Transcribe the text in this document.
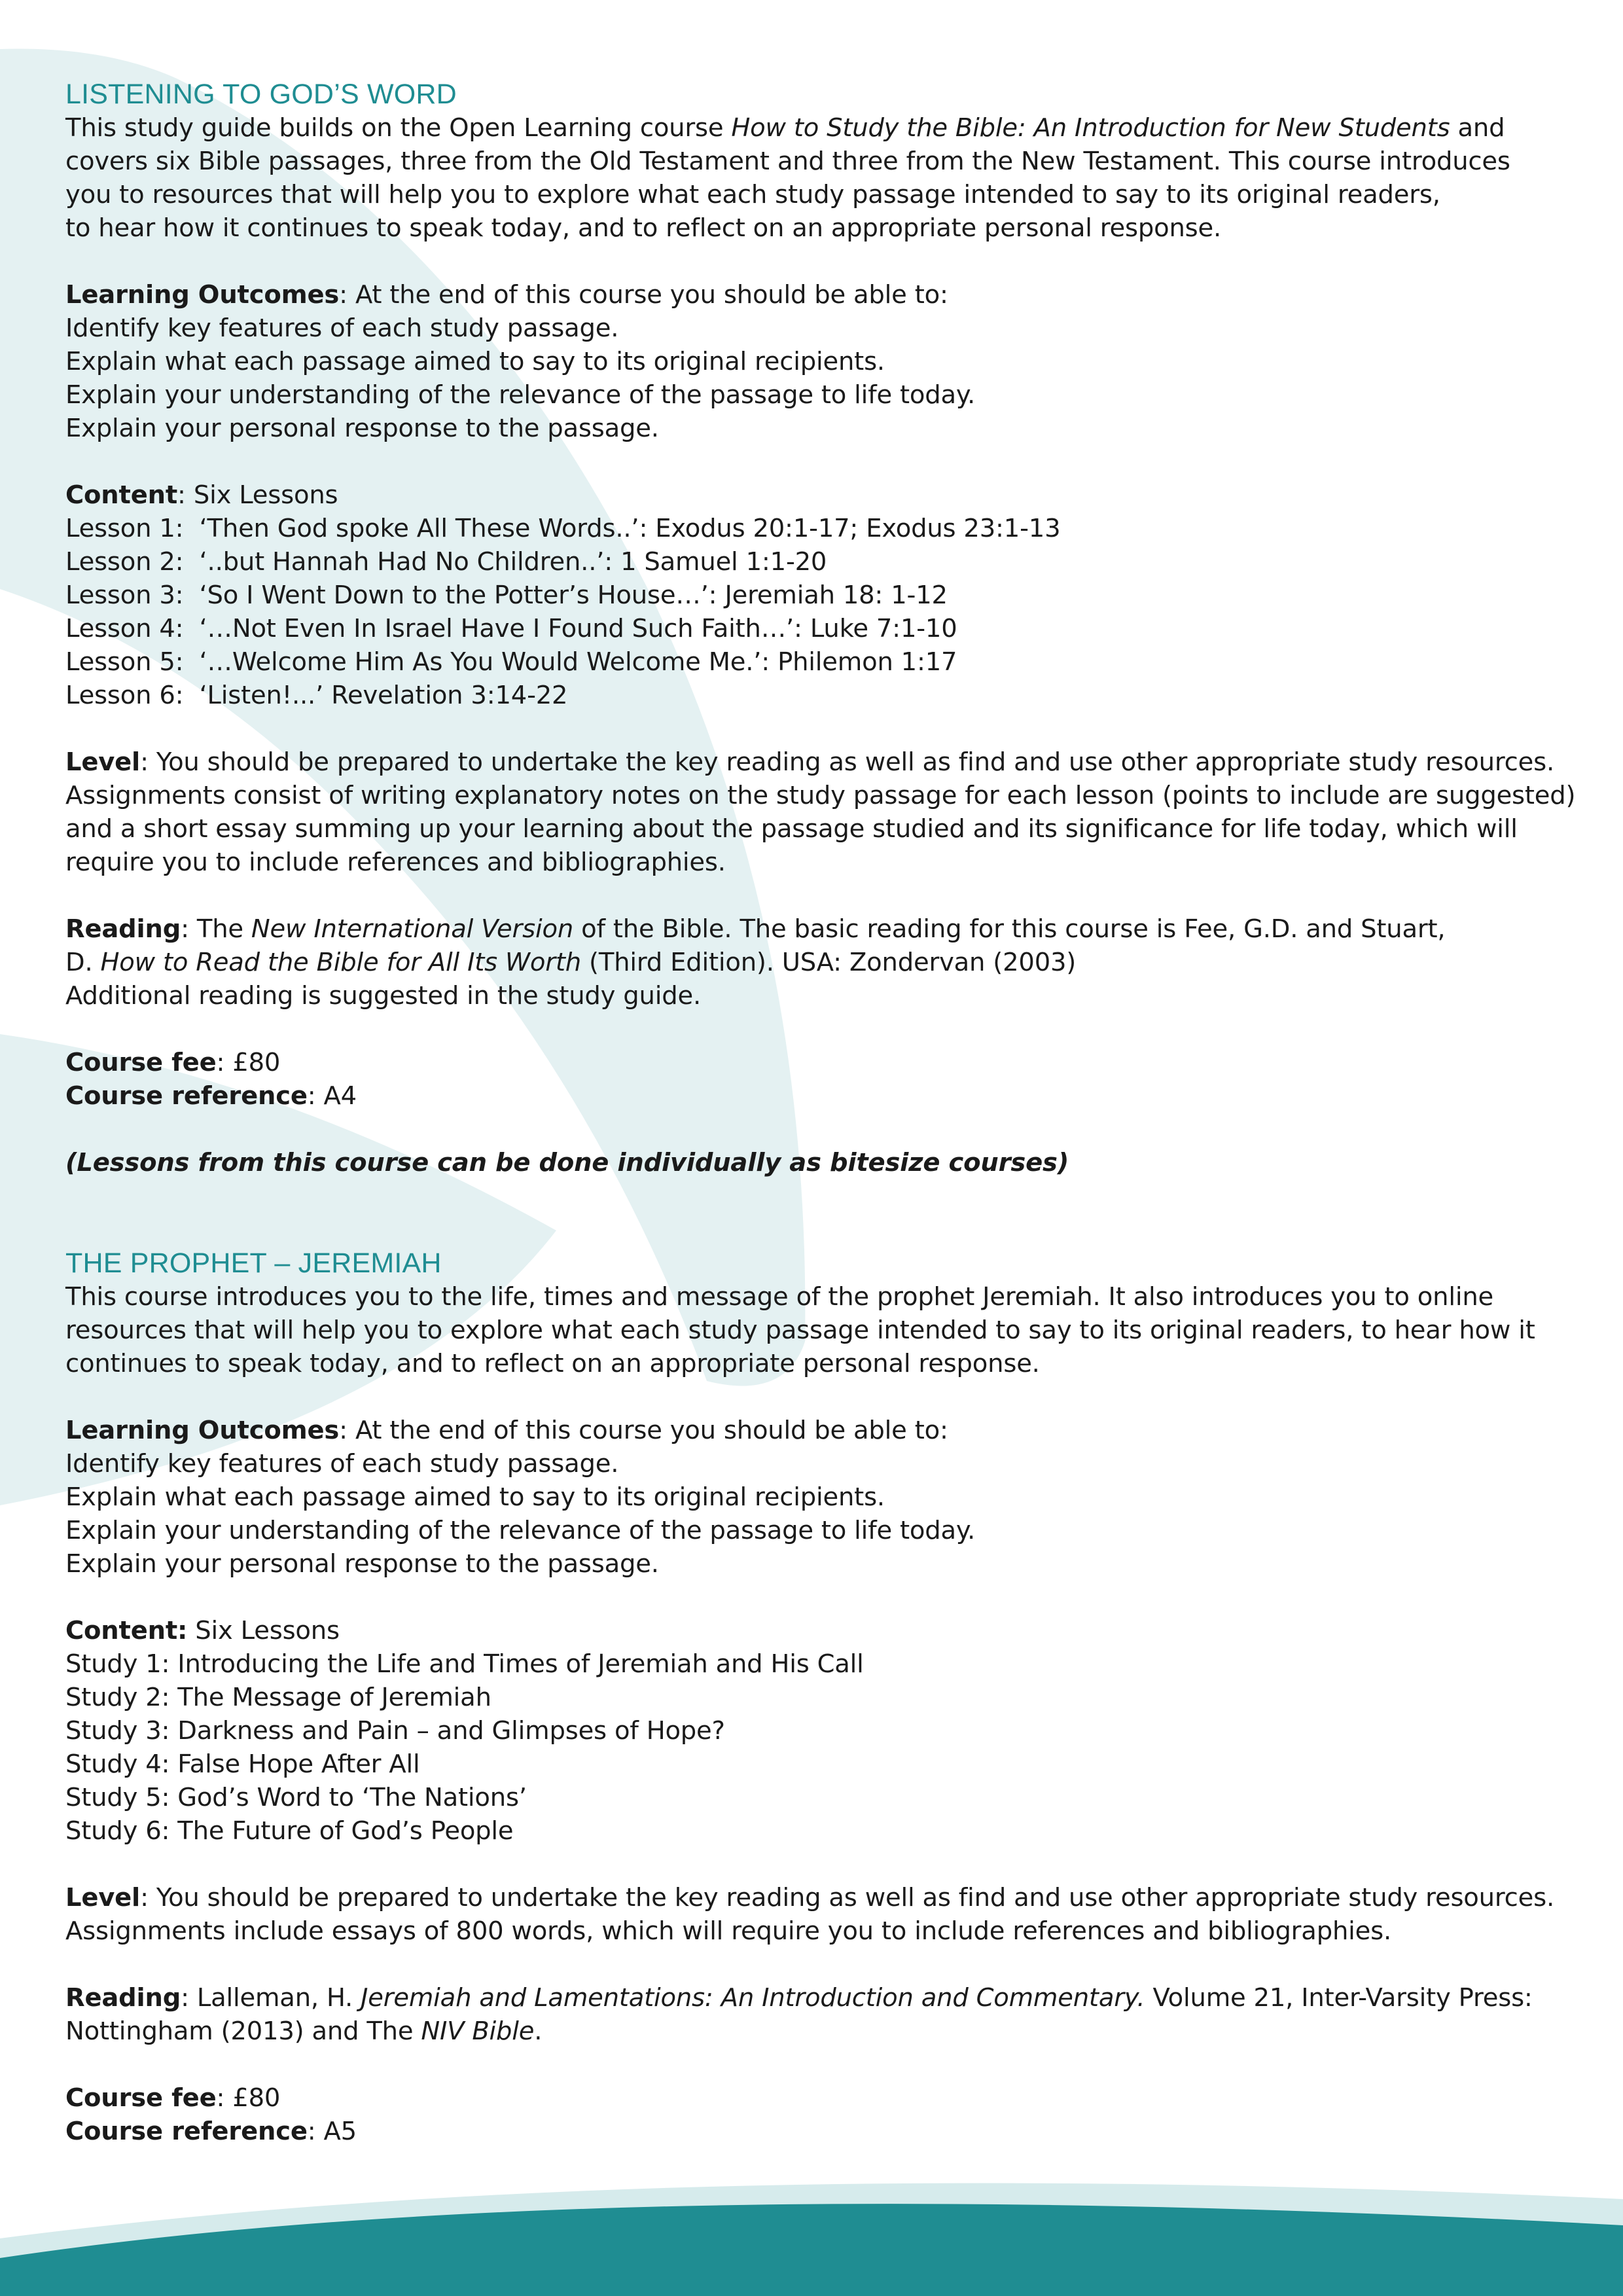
LISTENING TO GOD’S WORD

This study guide builds on the Open Learning course How to Study the Bible: An Introduction for New Students and

covers six Bible passages, three from the Old Testament and three from the New Testament. This course introduces

you to resources that will help you to explore what each study passage intended to say to its original readers,

to hear how it continues to speak today, and to reflect on an appropriate personal response.

Learning Outcomes: At the end of this course you should be able to:

Identify key features of each study passage.

Explain what each passage aimed to say to its original recipients.

Explain your understanding of the relevance of the passage to life today.

Explain your personal response to the passage.

Content: Six Lessons

Lesson 1:  ‘Then God spoke All These Words..’: Exodus 20:1-17; Exodus 23:1-13

Lesson 2:  ‘..but Hannah Had No Children..’: 1 Samuel 1:1-20

Lesson 3:  ‘So I Went Down to the Potter’s House…’: Jeremiah 18: 1-12

Lesson 4:  ‘…Not Even In Israel Have I Found Such Faith…’: Luke 7:1-10

Lesson 5:  ‘…Welcome Him As You Would Welcome Me.’: Philemon 1:17

Lesson 6:  ‘Listen!...’ Revelation 3:14-22

Level: You should be prepared to undertake the key reading as well as find and use other appropriate study resources.

Assignments consist of writing explanatory notes on the study passage for each lesson (points to include are suggested)

and a short essay summing up your learning about the passage studied and its significance for life today, which will

require you to include references and bibliographies.

Reading: The New International Version of the Bible. The basic reading for this course is Fee, G.D. and Stuart,

D. How to Read the Bible for All Its Worth (Third Edition). USA: Zondervan (2003)

Additional reading is suggested in the study guide.

Course fee: £80

Course reference: A4

(Lessons from this course can be done individually as bitesize courses)

THE PROPHET – JEREMIAH

This course introduces you to the life, times and message of the prophet Jeremiah. It also introduces you to online

resources that will help you to explore what each study passage intended to say to its original readers, to hear how it

continues to speak today, and to reflect on an appropriate personal response.

Learning Outcomes: At the end of this course you should be able to:

Identify key features of each study passage.

Explain what each passage aimed to say to its original recipients.

Explain your understanding of the relevance of the passage to life today.

Explain your personal response to the passage.

Content: Six Lessons

Study 1: Introducing the Life and Times of Jeremiah and His Call

Study 2: The Message of Jeremiah

Study 3: Darkness and Pain – and Glimpses of Hope?

Study 4: False Hope After All

Study 5: God’s Word to ‘The Nations’

Study 6: The Future of God’s People

Level: You should be prepared to undertake the key reading as well as find and use other appropriate study resources.

Assignments include essays of 800 words, which will require you to include references and bibliographies.

Reading: Lalleman, H. Jeremiah and Lamentations: An Introduction and Commentary. Volume 21, Inter-Varsity Press:

Nottingham (2013) and The NIV Bible.

Course fee: £80

Course reference: A5
